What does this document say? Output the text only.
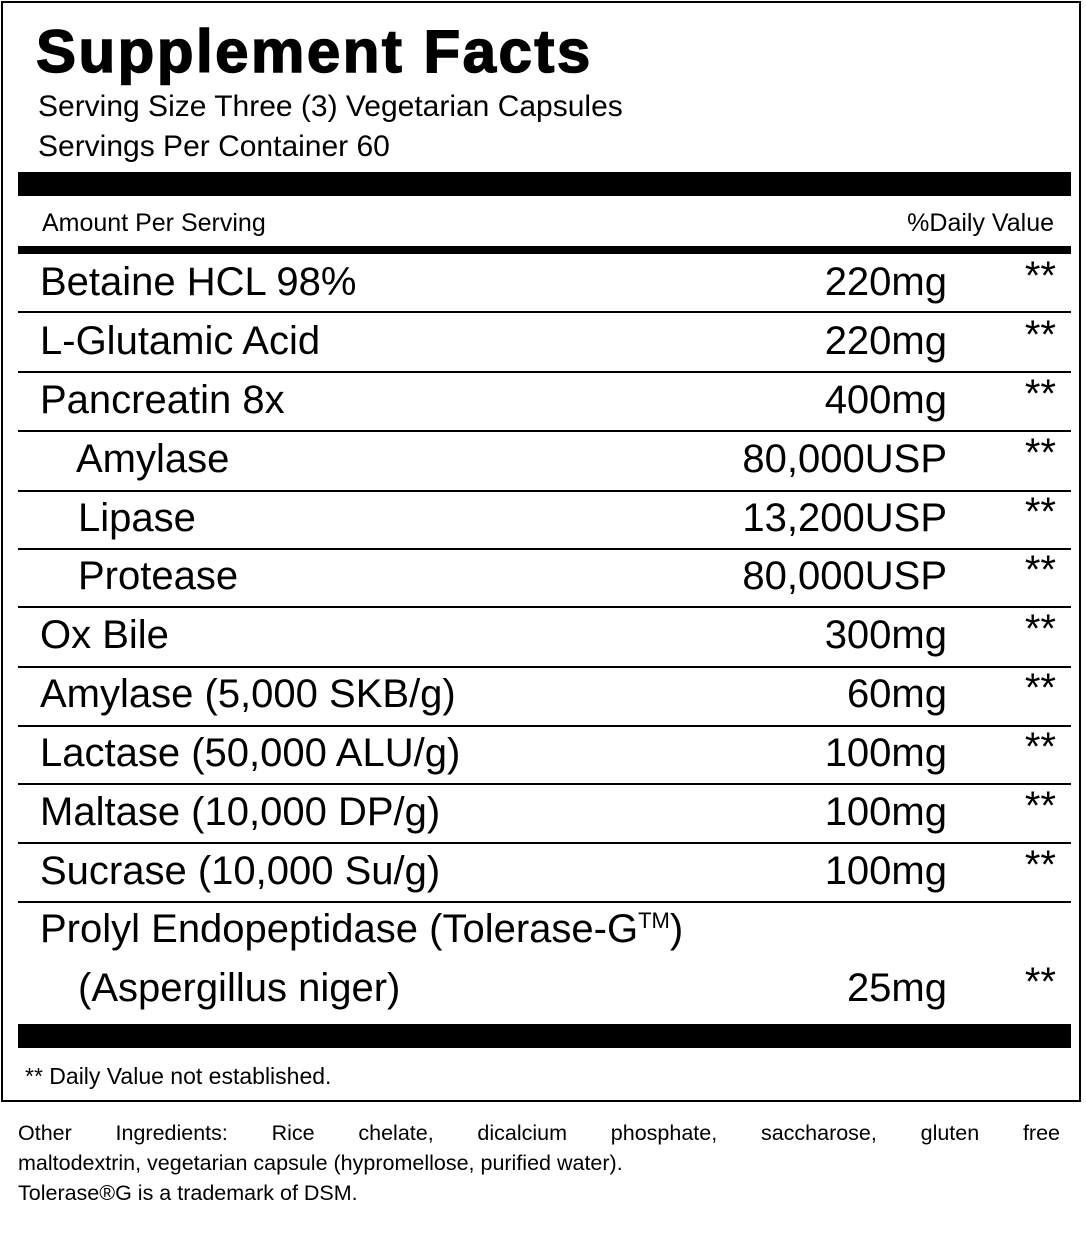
Supplement Facts
Serving Size Three (3) Vegetarian Capsules
Servings Per Container 60
Amount Per Serving	%Daily Value
Betaine HCL 98%	220mg **
L-Glutamic Acid	220mg **
Pancreatin 8x	400mg **
Amylase	80,000USP **
Lipase	13,200USP **
Protease	80,000USP **
Ox Bile	300mg **
Amylase (5,000 SKB/g)	60mg **
Lactase (50,000 ALU/g)	100mg **
Maltase (10,000 DP/g)	100mg **
Sucrase (10,000 Su/g)	100mg **
Prolyl Endopeptidase (Tolerase-G™)
(Aspergillus niger)	25mg **
** Daily Value not established.
Other Ingredients: Rice chelate, dicalcium phosphate, saccharose, gluten free
maltodextrin, vegetarian capsule (hypromellose, purified water).
Tolerase®G is a trademark of DSM.
